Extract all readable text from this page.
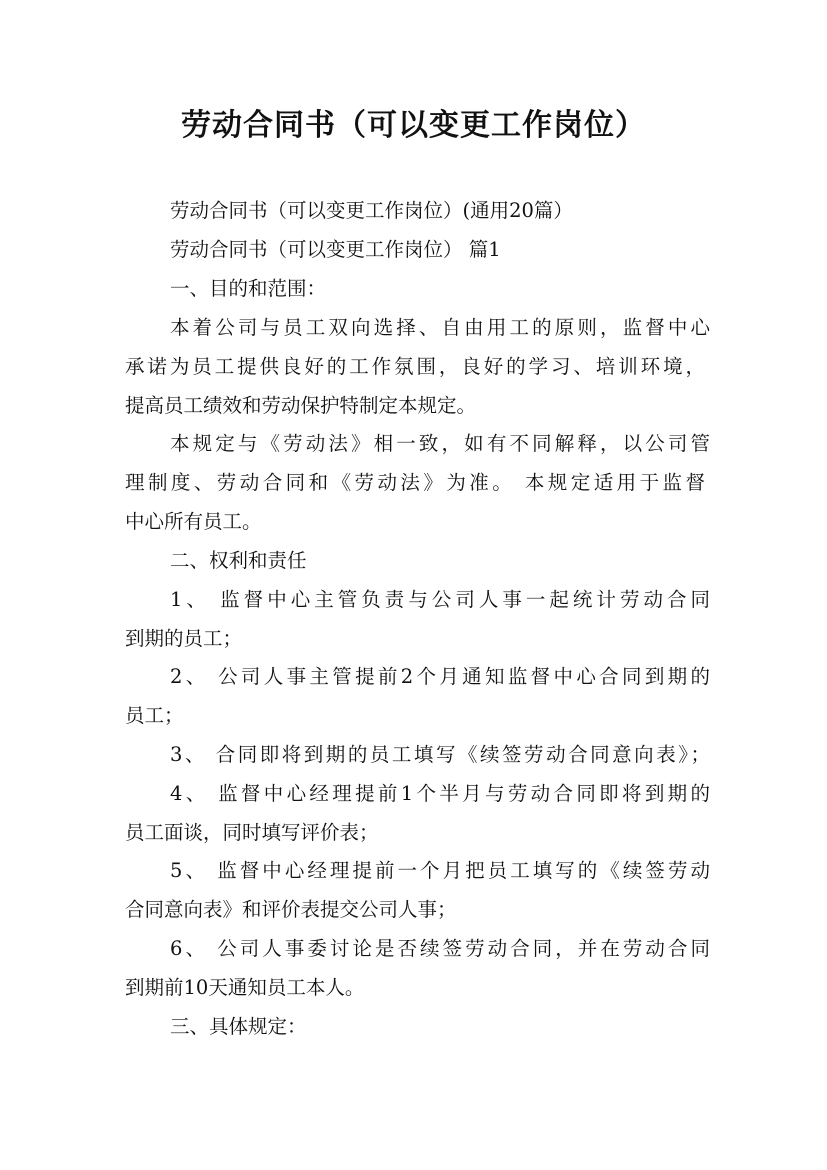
劳动合同书（可以变更工作岗位）

劳动合同书（可以变更工作岗位）(通用20篇）

劳动合同书（可以变更工作岗位） 篇1

一、目的和范围：

本着公司与员工双向选择、自由用工的原则，监督中心

承诺为员工提供良好的工作氛围，良好的学习、培训环境，

提高员工绩效和劳动保护特制定本规定。

本规定与《劳动法》相一致，如有不同解释，以公司管

理制度、劳动合同和《劳动法》为准。 本规定适用于监督

中心所有员工。

二、权利和责任

1、 监督中心主管负责与公司人事一起统计劳动合同

到期的员工；

2、 公司人事主管提前2个月通知监督中心合同到期的

员工；

3、 合同即将到期的员工填写《续签劳动合同意向表》；

4、 监督中心经理提前1个半月与劳动合同即将到期的

员工面谈，同时填写评价表；

5、 监督中心经理提前一个月把员工填写的《续签劳动

合同意向表》和评价表提交公司人事；

6、 公司人事委讨论是否续签劳动合同，并在劳动合同

到期前10天通知员工本人。

三、具体规定：
